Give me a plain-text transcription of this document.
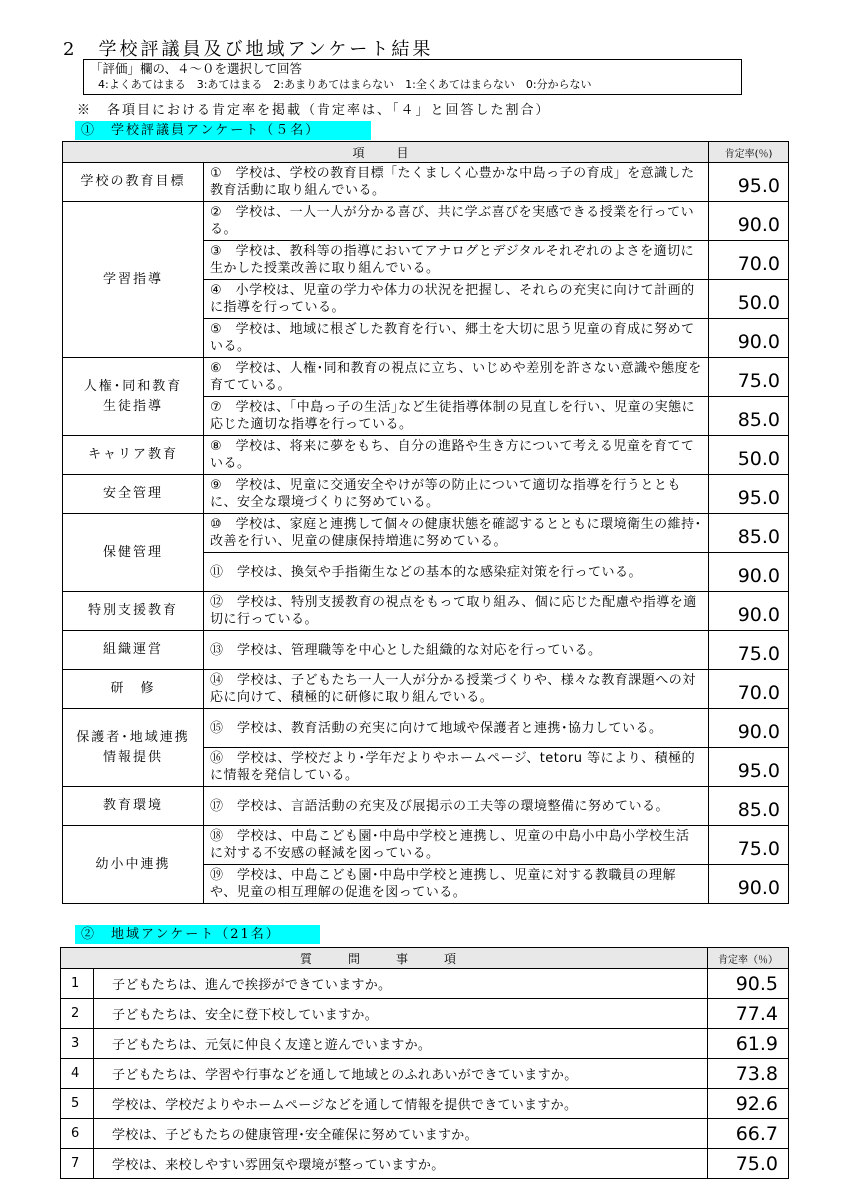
2　学校評議員及び地域アンケート結果
「評価」欄の、４～０を選択して回答
4:よくあてはまる　3:あてはまる　2:あまりあてはまらない　1:全くあてはまらない　0:分からない
※　各項目における肯定率を掲載（肯定率は、「４」と回答した割合）
①　学校評議員アンケート（５名）
項　目		肯定率(％)
学校の教育目標	①　学校は、学校の教育目標「たくましく心豊かな中島っ子の育成」を意識した教育活動に取り組んでいる。	95.0
学習指導	②　学校は、一人一人が分かる喜び、共に学ぶ喜びを実感できる授業を行っている。	90.0
	③　学校は、教科等の指導においてアナログとデジタルそれぞれのよさを適切に生かした授業改善に取り組んでいる。	70.0
	④　小学校は、児童の学力や体力の状況を把握し、それらの充実に向けて計画的に指導を行っている。	50.0
	⑤　学校は、地域に根ざした教育を行い、郷土を大切に思う児童の育成に努めている。	90.0
人権･同和教育
生徒指導	⑥　学校は、人権･同和教育の視点に立ち、いじめや差別を許さない意識や態度を育てている。	75.0
	⑦　学校は、｢中島っ子の生活｣など生徒指導体制の見直しを行い、児童の実態に応じた適切な指導を行っている。	85.0
キャリア教育	⑧　学校は、将来に夢をもち、自分の進路や生き方について考える児童を育てている。	50.0
安全管理	⑨　学校は、児童に交通安全やけが等の防止について適切な指導を行うとともに、安全な環境づくりに努めている。	95.0
保健管理	⑩　学校は、家庭と連携して個々の健康状態を確認するとともに環境衛生の維持･改善を行い、児童の健康保持増進に努めている。	85.0
	⑪　学校は、換気や手指衛生などの基本的な感染症対策を行っている。	90.0
特別支援教育	⑫　学校は、特別支援教育の視点をもって取り組み、個に応じた配慮や指導を適切に行っている。	90.0
組織運営	⑬　学校は、管理職等を中心とした組織的な対応を行っている。	75.0
研　修	⑭　学校は、子どもたち一人一人が分かる授業づくりや、様々な教育課題への対応に向けて、積極的に研修に取り組んでいる。	70.0
保護者･地域連携
情報提供	⑮　学校は、教育活動の充実に向けて地域や保護者と連携･協力している。	90.0
	⑯　学校は、学校だより･学年だよりやホームページ、tetoru 等により、積極的に情報を発信している。	95.0
教育環境	⑰　学校は、言語活動の充実及び展掲示の工夫等の環境整備に努めている。	85.0
幼小中連携	⑱　学校は、中島こども園･中島中学校と連携し、児童の中島小中島小学校生活に対する不安感の軽減を図っている。	75.0
	⑲　学校は、中島こども園･中島中学校と連携し、児童に対する教職員の理解や、児童の相互理解の促進を図っている。	90.0
②　地域アンケート（21名）
質　問　事　項		肯定率（％）
1	子どもたちは、進んで挨拶ができていますか。	90.5
2	子どもたちは、安全に登下校していますか。	77.4
3	子どもたちは、元気に仲良く友達と遊んでいますか。	61.9
4	子どもたちは、学習や行事などを通して地域とのふれあいができていますか。	73.8
5	学校は、学校だよりやホームページなどを通して情報を提供できていますか。	92.6
6	学校は、子どもたちの健康管理･安全確保に努めていますか。	66.7
7	学校は、来校しやすい雰囲気や環境が整っていますか。	75.0
